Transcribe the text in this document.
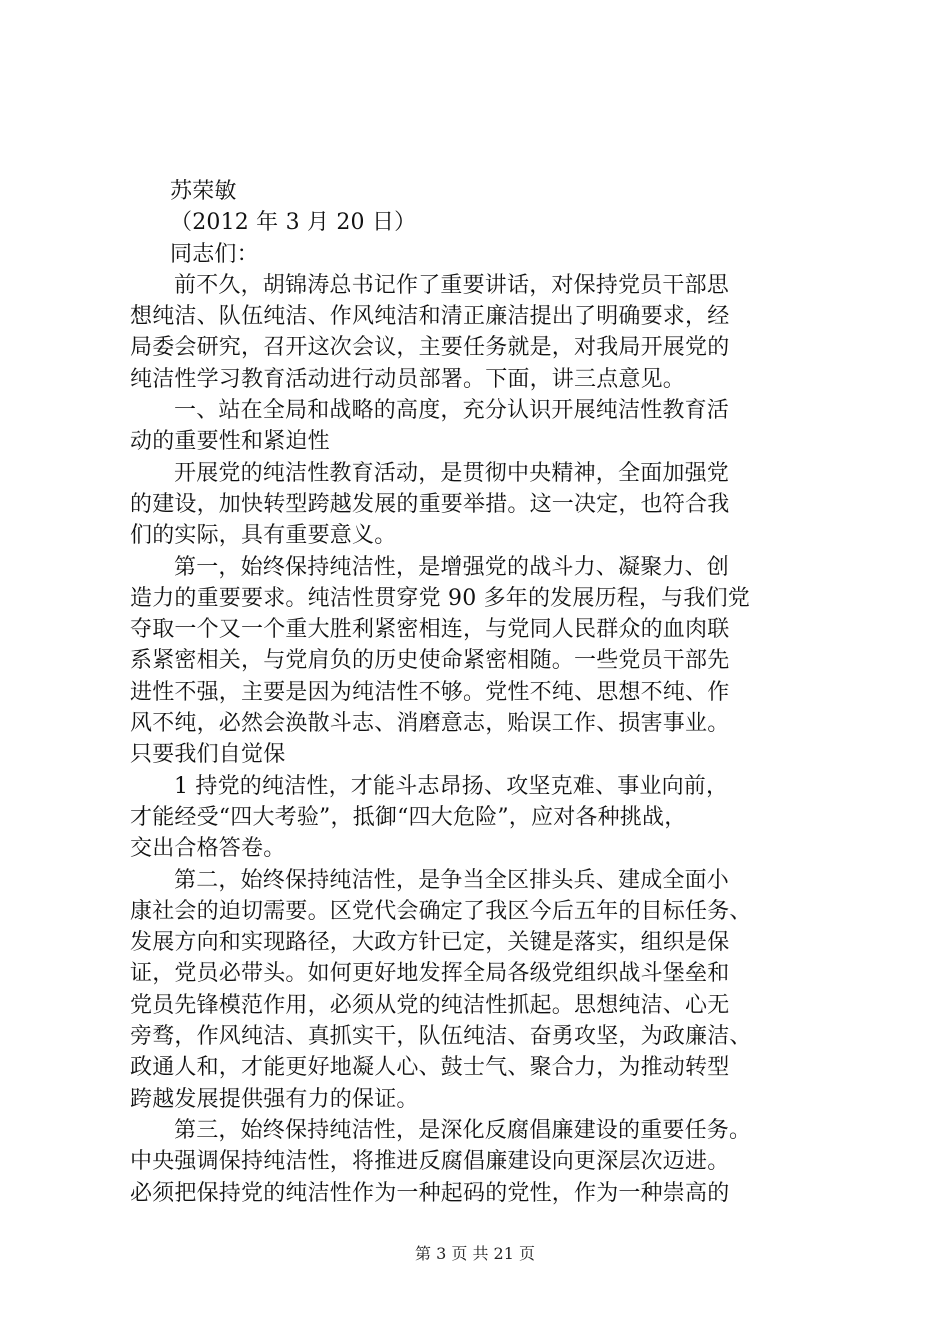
苏荣敏
（2012 年 3 月 20 日）
同志们：
前不久，胡锦涛总书记作了重要讲话，对保持党员干部思
想纯洁、队伍纯洁、作风纯洁和清正廉洁提出了明确要求，经
局委会研究，召开这次会议，主要任务就是，对我局开展党的
纯洁性学习教育活动进行动员部署。下面，讲三点意见。
一、站在全局和战略的高度，充分认识开展纯洁性教育活
动的重要性和紧迫性
开展党的纯洁性教育活动，是贯彻中央精神，全面加强党
的建设，加快转型跨越发展的重要举措。这一决定，也符合我
们的实际，具有重要意义。
第一，始终保持纯洁性，是增强党的战斗力、凝聚力、创
造力的重要要求。纯洁性贯穿党 90 多年的发展历程，与我们党
夺取一个又一个重大胜利紧密相连，与党同人民群众的血肉联
系紧密相关，与党肩负的历史使命紧密相随。一些党员干部先
进性不强，主要是因为纯洁性不够。党性不纯、思想不纯、作
风不纯，必然会涣散斗志、消磨意志，贻误工作、损害事业。
只要我们自觉保
1 持党的纯洁性，才能斗志昂扬、攻坚克难、事业向前，
才能经受“四大考验”，抵御“四大危险”，应对各种挑战，
交出合格答卷。
第二，始终保持纯洁性，是争当全区排头兵、建成全面小
康社会的迫切需要。区党代会确定了我区今后五年的目标任务、
发展方向和实现路径，大政方针已定，关键是落实，组织是保
证，党员必带头。如何更好地发挥全局各级党组织战斗堡垒和
党员先锋模范作用，必须从党的纯洁性抓起。思想纯洁、心无
旁骛，作风纯洁、真抓实干，队伍纯洁、奋勇攻坚，为政廉洁、
政通人和，才能更好地凝人心、鼓士气、聚合力，为推动转型
跨越发展提供强有力的保证。
第三，始终保持纯洁性，是深化反腐倡廉建设的重要任务。
中央强调保持纯洁性，将推进反腐倡廉建设向更深层次迈进。
必须把保持党的纯洁性作为一种起码的党性，作为一种崇高的
第 3 页 共 21 页
